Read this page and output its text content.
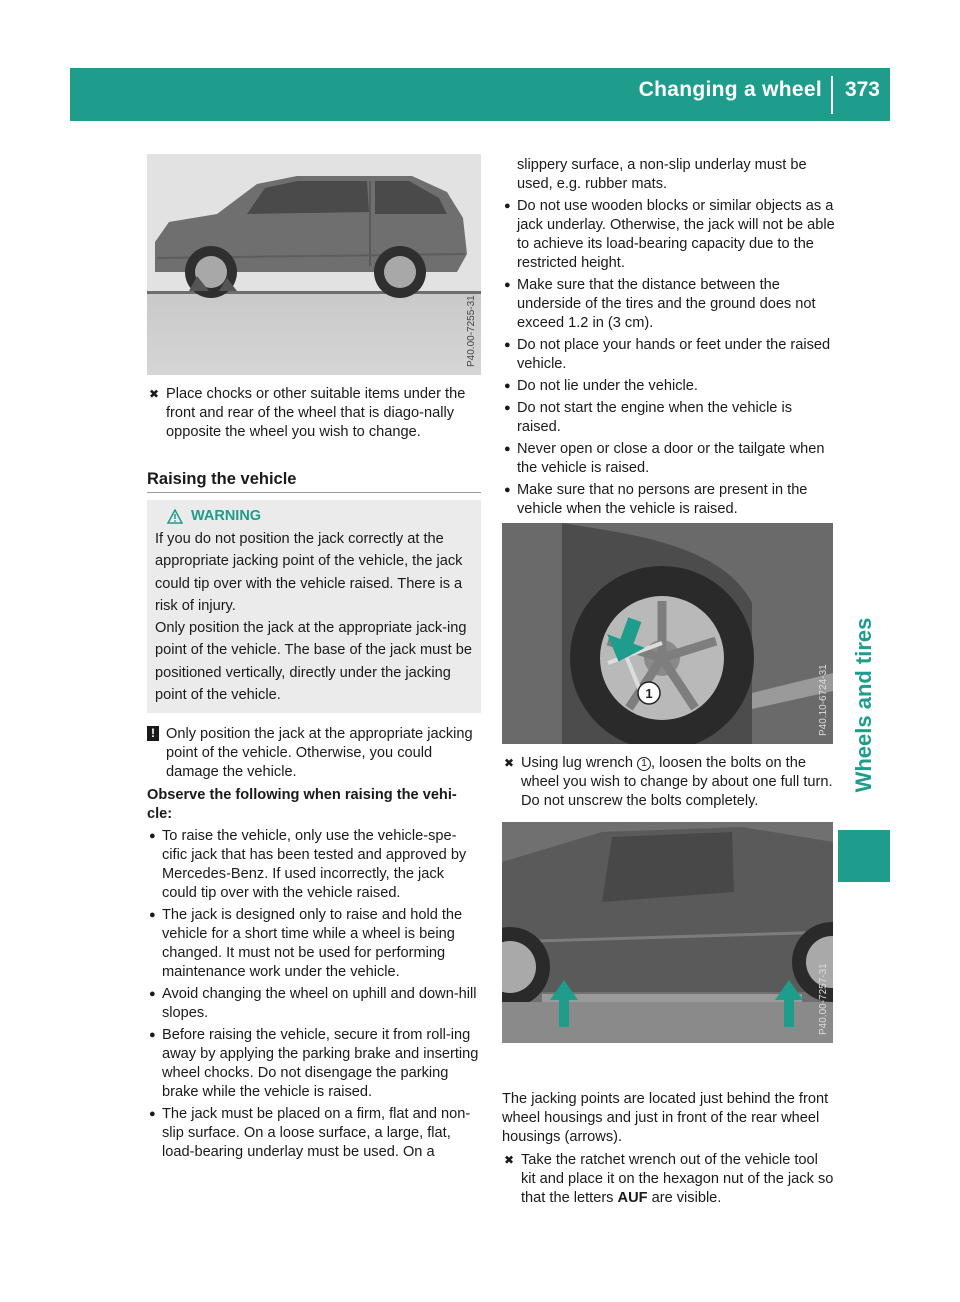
Changing a wheel 373
Wheels and tires
P40.00-7255-31
✖ Place chocks or other suitable items under the front and rear of the wheel that is diago-nally opposite the wheel you wish to change.
Raising the vehicle
WARNING

If you do not position the jack correctly at the appropriate jacking point of the vehicle, the jack could tip over with the vehicle raised. There is a risk of injury.

Only position the jack at the appropriate jack-ing point of the vehicle. The base of the jack must be positioned vertically, directly under the jacking point of the vehicle.

! Only position the jack at the appropriate jacking point of the vehicle. Otherwise, you could damage the vehicle.
Observe the following when raising the vehi-cle:
● To raise the vehicle, only use the vehicle-spe-cific jack that has been tested and approved by Mercedes-Benz. If used incorrectly, the jack could tip over with the vehicle raised.
● The jack is designed only to raise and hold the vehicle for a short time while a wheel is being changed. It must not be used for performing maintenance work under the vehicle.
● Avoid changing the wheel on uphill and down-hill slopes.
● Before raising the vehicle, secure it from roll-ing away by applying the parking brake and inserting wheel chocks. Do not disengage the parking brake while the vehicle is raised.
● The jack must be placed on a firm, flat and non-slip surface. On a loose surface, a large, flat, load-bearing underlay must be used. On a
slippery surface, a non-slip underlay must be used, e.g. rubber mats.
● Do not use wooden blocks or similar objects as a jack underlay. Otherwise, the jack will not be able to achieve its load-bearing capacity due to the restricted height.
● Make sure that the distance between the underside of the tires and the ground does not exceed 1.2 in (3 cm).
● Do not place your hands or feet under the raised vehicle.
● Do not lie under the vehicle.
● Do not start the engine when the vehicle is raised.
● Never open or close a door or the tailgate when the vehicle is raised.
● Make sure that no persons are present in the vehicle when the vehicle is raised.
1	P40.10-6724-31
✖ Using lug wrench 1 , loosen the bolts on the wheel you wish to change by about one full turn. Do not unscrew the bolts completely.
P40.00-7257-31

The jacking points are located just behind the front wheel housings and just in front of the rear wheel housings (arrows).

✖ Take the ratchet wrench out of the vehicle tool kit and place it on the hexagon nut of the jack so that the letters AUF are visible.
